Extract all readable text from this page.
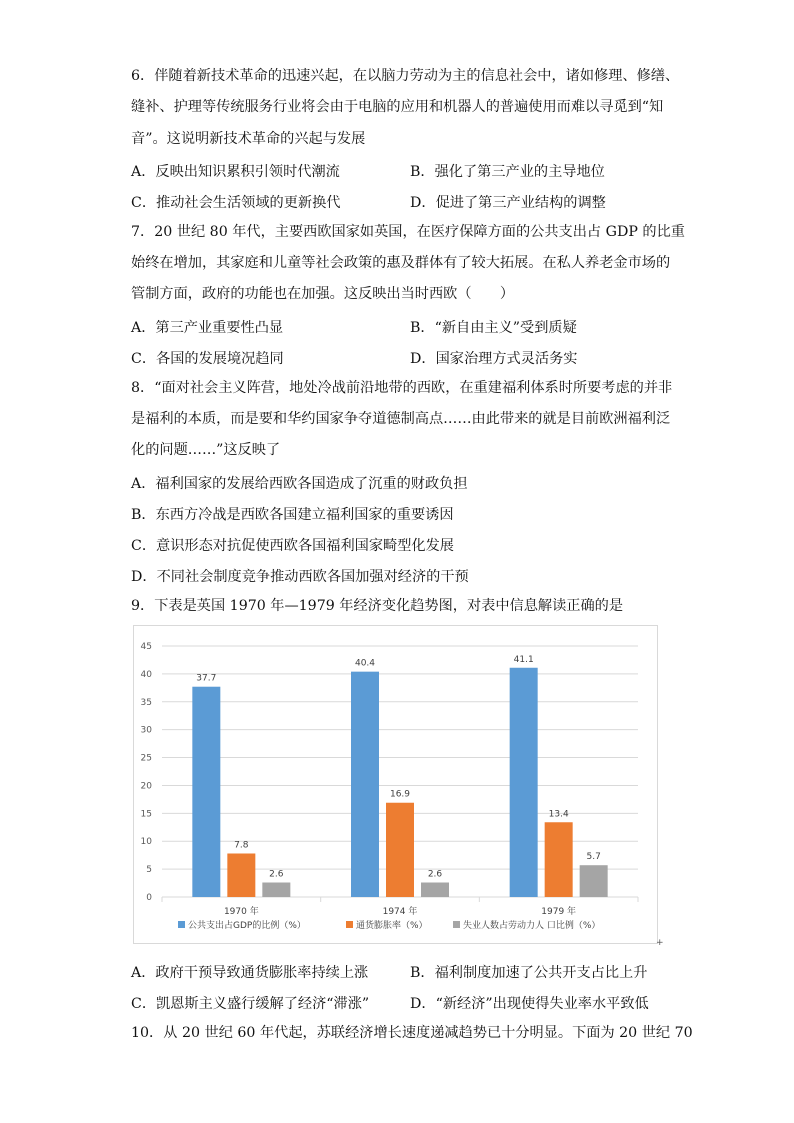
6．伴随着新技术革命的迅速兴起，在以脑力劳动为主的信息社会中，诸如修理、修缮、
缝补、护理等传统服务行业将会由于电脑的应用和机器人的普遍使用而难以寻觅到“知
音”。这说明新技术革命的兴起与发展
A．反映出知识累积引领时代潮流	B．强化了第三产业的主导地位
C．推动社会生活领域的更新换代	D．促进了第三产业结构的调整
7．20 世纪 80 年代，主要西欧国家如英国，在医疗保障方面的公共支出占 GDP 的比重
始终在增加，其家庭和儿童等社会政策的惠及群体有了较大拓展。在私人养老金市场的
管制方面，政府的功能也在加强。这反映出当时西欧（　　）
A．第三产业重要性凸显	B．“新自由主义”受到质疑
C．各国的发展境况趋同	D．国家治理方式灵活务实
8．“面对社会主义阵营，地处冷战前沿地带的西欧，在重建福利体系时所要考虑的并非
是福利的本质，而是要和华约国家争夺道德制高点……由此带来的就是目前欧洲福利泛
化的问题……”这反映了
A．福利国家的发展给西欧各国造成了沉重的财政负担
B．东西方冷战是西欧各国建立福利国家的重要诱因
C．意识形态对抗促使西欧各国福利国家畸型化发展
D．不同社会制度竞争推动西欧各国加强对经济的干预
9．下表是英国 1970 年—1979 年经济变化趋势图，对表中信息解读正确的是
0
5
10
15
20
25
30
35
40
45
37.7
7.8
2.6
1970 年
40.4
16.9
2.6
1974 年
41.1
13.4
5.7
1979 年
公共支出占GDP的比例（%）	通货膨胀率（%）	失业人数占劳动力人 口比例（%）
+
A．政府干预导致通货膨胀率持续上涨	B．福利制度加速了公共开支占比上升
C．凯恩斯主义盛行缓解了经济“滞涨”	D．“新经济”出现使得失业率水平致低
10．从 20 世纪 60 年代起，苏联经济增长速度递减趋势已十分明显。下面为 20 世纪 70
